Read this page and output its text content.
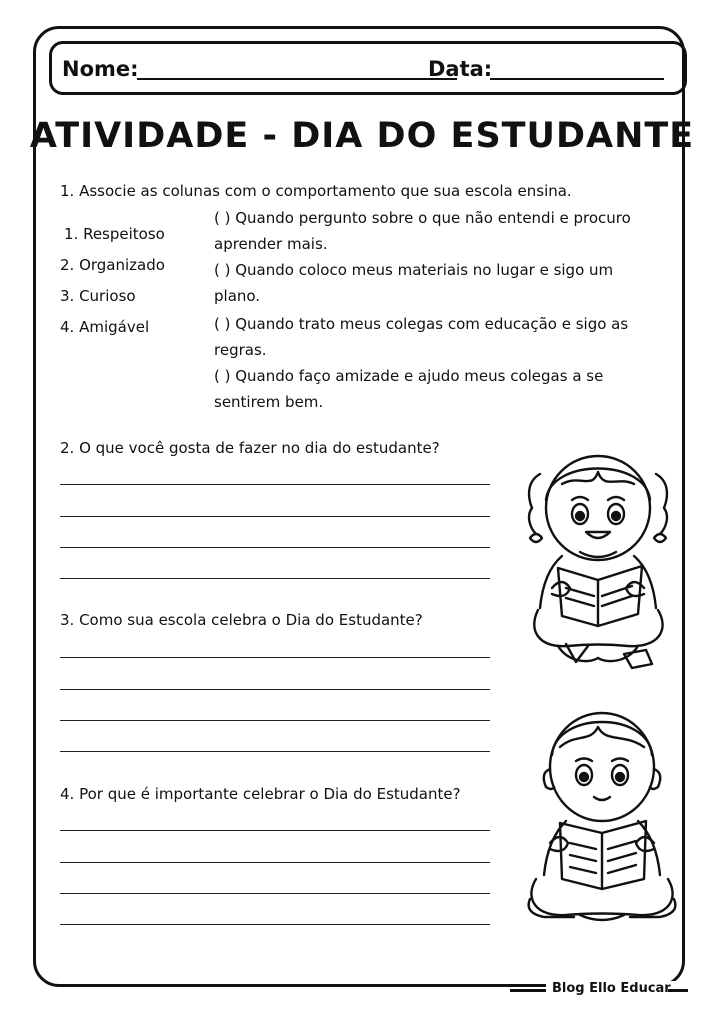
Nome:	Data:
ATIVIDADE - DIA DO ESTUDANTE
1. Associe as colunas com o comportamento que sua escola ensina.
1. Respeitoso
2. Organizado
3. Curioso
4. Amigável
( ) Quando pergunto sobre o que não entendi e procuro aprender mais.
( ) Quando coloco meus materiais no lugar e sigo um plano.
( ) Quando trato meus colegas com educação e sigo as regras.
( ) Quando faço amizade e ajudo meus colegas a se sentirem bem.
2. O que você gosta de fazer no dia do estudante?
3. Como sua escola celebra o Dia do Estudante?
4. Por que é importante celebrar o Dia do Estudante?
Blog Ello Educar
